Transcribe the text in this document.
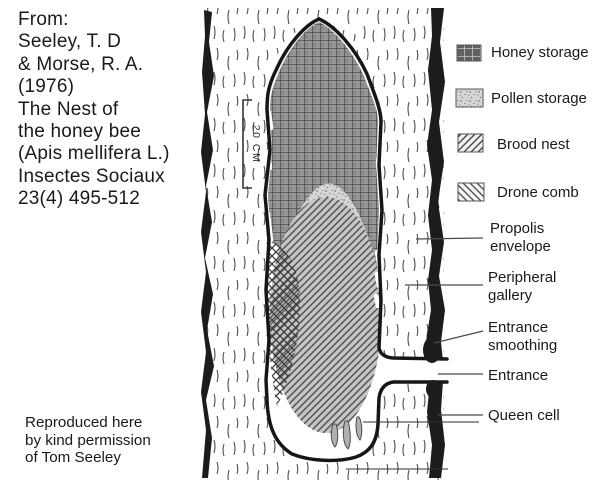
20 CM
From:
Seeley, T. D
& Morse, R. A.
(1976)
The Nest of
the honey bee
(Apis mellifera L.)
Insectes Sociaux
23(4) 495-512
Reproduced here
by kind permission
of Tom Seeley
Honey storage
Pollen storage
Brood nest
Drone comb
Propolis
envelope
Peripheral
gallery
Entrance
smoothing
Entrance
Queen cell
